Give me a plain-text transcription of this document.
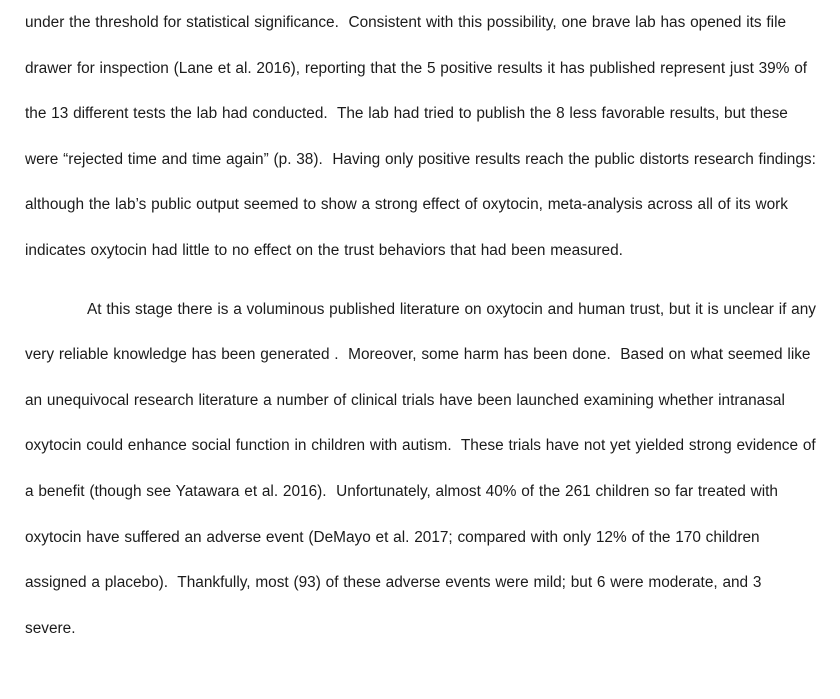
under the threshold for statistical significance.  Consistent with this possibility, one brave lab has opened its file drawer for inspection (Lane et al. 2016), reporting that the 5 positive results it has published represent just 39% of the 13 different tests the lab had conducted.  The lab had tried to publish the 8 less favorable results, but these were “rejected time and time again” (p. 38).  Having only positive results reach the public distorts research findings: although the lab’s public output seemed to show a strong effect of oxytocin, meta-analysis across all of its work indicates oxytocin had little to no effect on the trust behaviors that had been measured.

At this stage there is a voluminous published literature on oxytocin and human trust, but it is unclear if any very reliable knowledge has been generated .  Moreover, some harm has been done.  Based on what seemed like an unequivocal research literature a number of clinical trials have been launched examining whether intranasal oxytocin could enhance social function in children with autism.  These trials have not yet yielded strong evidence of a benefit (though see Yatawara et al. 2016).  Unfortunately, almost 40% of the 261 children so far treated with oxytocin have suffered an adverse event (DeMayo et al. 2017; compared with only 12% of the 170 children assigned a placebo).  Thankfully, most (93) of these adverse events were mild; but 6 were moderate, and 3 severe.
